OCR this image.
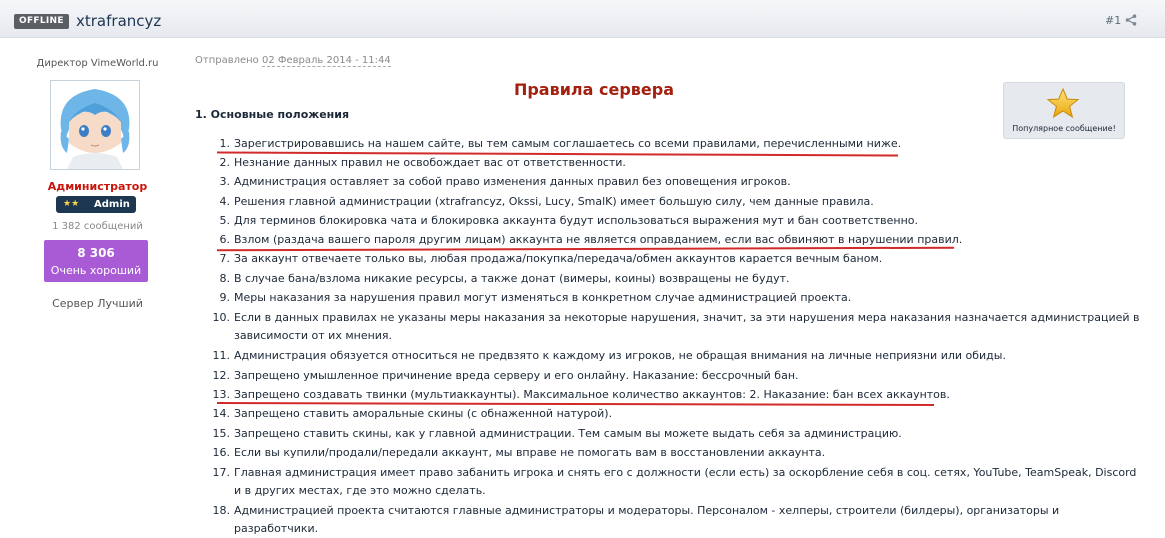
OFFLINE xtrafrancyz	#1
Директор VimeWorld.ru
Администратор
★★ Admin
1 382 сообщений
8 306
Очень хороший
Сервер Лучший
Отправлено 02 Февраль 2014 - 11:44
Правила сервера
1. Основные положения
Популярное сообщение!
1. Зарегистрировавшись на нашем сайте, вы тем самым соглашаетесь со всеми правилами, перечисленными ниже.
2. Незнание данных правил не освобождает вас от ответственности.
3. Администрация оставляет за собой право изменения данных правил без оповещения игроков.
4. Решения главной администрации (xtrafrancyz, Okssi, Lucy, SmalK) имеет большую силу, чем данные правила.
5. Для терминов блокировка чата и блокировка аккаунта будут использоваться выражения мут и бан соответственно.
6. Взлом (раздача вашего пароля другим лицам) аккаунта не является оправданием, если вас обвиняют в нарушении правил.
7. За аккаунт отвечаете только вы, любая продажа/покупка/передача/обмен аккаунтов карается вечным баном.
8. В случае бана/взлома никакие ресурсы, а также донат (вимеры, коины) возвращены не будут.
9. Меры наказания за нарушения правил могут изменяться в конкретном случае администрацией проекта.
10. Если в данных правилах не указаны меры наказания за некоторые нарушения, значит, за эти нарушения мера наказания назначается администрацией в зависимости от их мнения.
11. Администрация обязуется относиться не предвзято к каждому из игроков, не обращая внимания на личные неприязни или обиды.
12. Запрещено умышленное причинение вреда серверу и его онлайну. Наказание: бессрочный бан.
13. Запрещено создавать твинки (мультиаккаунты). Максимальное количество аккаунтов: 2. Наказание: бан всех аккаунтов.
14. Запрещено ставить аморальные скины (с обнаженной натурой).
15. Запрещено ставить скины, как у главной администрации. Тем самым вы можете выдать себя за администрацию.
16. Если вы купили/продали/передали аккаунт, мы вправе не помогать вам в восстановлении аккаунта.
17. Главная администрация имеет право забанить игрока и снять его с должности (если есть) за оскорбление себя в соц. сетях, YouTube, TeamSpeak, Discord и в других местах, где это можно сделать.
18. Администрацией проекта считаются главные администраторы и модераторы. Персоналом - хелперы, строители (билдеры), организаторы и разработчики.
